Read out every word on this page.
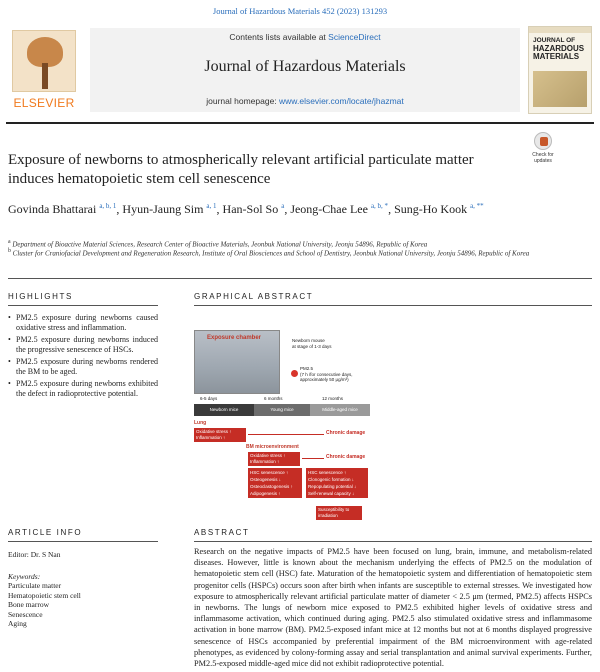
Journal of Hazardous Materials 452 (2023) 131293
ELSEVIER
Contents lists available at ScienceDirect
Journal of Hazardous Materials
journal homepage: www.elsevier.com/locate/jhazmat
JOURNAL OF
HAZARDOUS
MATERIALS
Check for updates
Exposure of newborns to atmospherically relevant artificial particulate matter induces hematopoietic stem cell senescence
Govinda Bhattarai $^{a, b, 1}$, Hyun-Jaung Sim $^{a, 1}$, Han-Sol So $^a$, Jeong-Chae Lee $^{a, b, *}$, Sung-Ho Kook $^{a, **}$
$^a$ Department of Bioactive Material Sciences, Research Center of Bioactive Materials, Jeonbuk National University, Jeonju 54896, Republic of Korea
$^b$ Cluster for Craniofacial Development and Regeneration Research, Institute of Oral Biosciences and School of Dentistry, Jeonbuk National University, Jeonju 54896, Republic of Korea
HIGHLIGHTS
• PM2.5 exposure during newborns caused oxidative stress and inflammation.
• PM2.5 exposure during newborns induced the progressive senescence of HSCs.
• PM2.5 exposure during newborns rendered the BM to be aged.
• PM2.5 exposure during newborns exhibited the defect in radioprotective potential.
GRAPHICAL ABSTRACT
Exposure chamber	Newborn mouse
at stage of 1-3 days
PM2.5
(7 h /for consecutive days,
approximately 50 μg/m³)
6-5 days	6 months	12 months
Newborn mice	Young mice	Middle-aged mice
Lung
Oxidative stress ↑ Inflammation ↑
Chronic damage
BM microenvironment
Oxidative stress ↑ Inflammation ↑
Chronic damage
HSC senescence ↑ Osteogenesis ↓ Osteoclastogenesis ↑ Adipogenesis ↑
HSC senescence ↑ Clonogenic formation ↓ Repopulating potential ↓ Self-renewal capacity ↓
Susceptibility to irradiation
ARTICLE INFO
Editor: Dr. S Nan
Keywords:
Particulate matter
Hematopoietic stem cell
Bone marrow
Senescence
Aging
ABSTRACT
Research on the negative impacts of PM2.5 have been focused on lung, brain, immune, and metabolism-related diseases. However, little is known about the mechanism underlying the effects of PM2.5 on the modulation of hematopoietic stem cell (HSC) fate. Maturation of the hematopoietic system and differentiation of hematopoietic stem progenitor cells (HSPCs) occurs soon after birth when infants are susceptible to external stresses. We investigated how exposure to atmospherically relevant artificial particulate matter of diameter < 2.5 μm (termed, PM2.5) affects HSPCs in newborns. The lungs of newborn mice exposed to PM2.5 exhibited higher levels of oxidative stress and inflammasome activation, which continued during aging. PM2.5 also stimulated oxidative stress and inflammasome activation in bone marrow (BM). PM2.5-exposed infant mice at 12 months but not at 6 months displayed progressive senescence of HSCs accompanied by preferential impairment of the BM microenvironment with age-related phenotypes, as evidenced by colony-forming assay and serial transplantation and animal survival experiments. Further, PM2.5-exposed middle-aged mice did not exhibit radioprotective potential.
